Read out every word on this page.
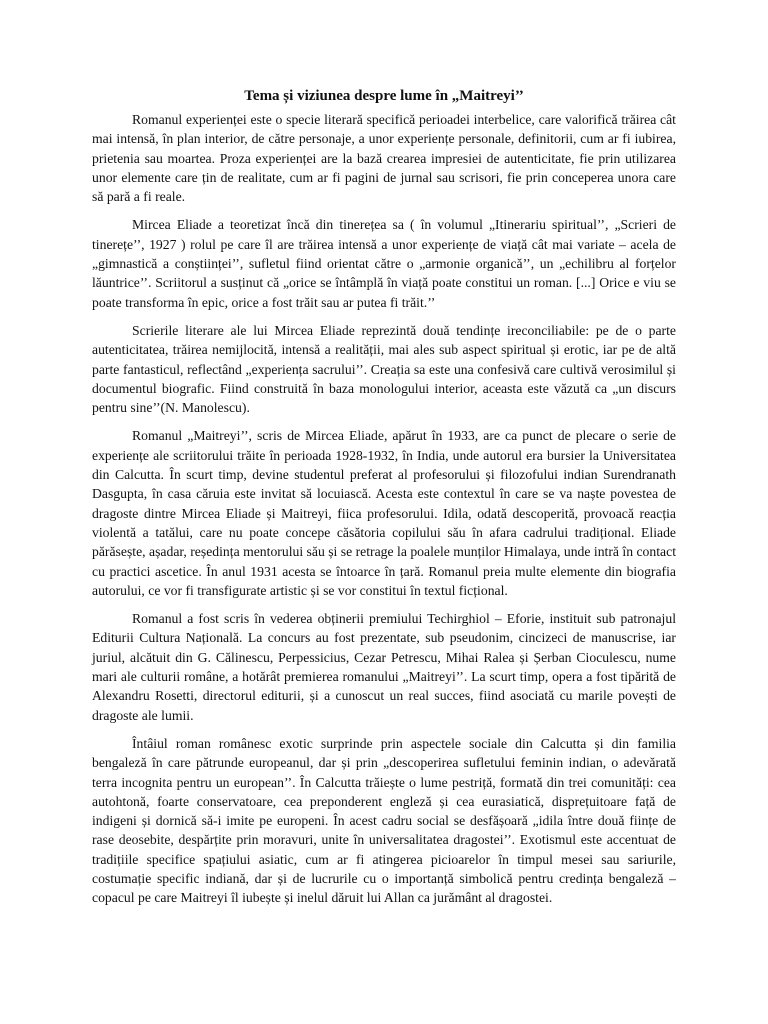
Tema și viziunea despre lume în „Maitreyi’’

Romanul experienței este o specie literară specifică perioadei interbelice, care valorifică trăirea cât mai intensă, în plan interior, de către personaje, a unor experiențe personale, definitorii, cum ar fi iubirea, prietenia sau moartea. Proza experienței are la bază crearea impresiei de autenticitate, fie prin utilizarea unor elemente care țin de realitate, cum ar fi pagini de jurnal sau scrisori, fie prin conceperea unora care să pară a fi reale.

Mircea Eliade a teoretizat încă din tinerețea sa ( în volumul „Itinerariu spiritual’’, „Scrieri de tinerețe’’, 1927 ) rolul pe care îl are trăirea intensă a unor experiențe de viață cât mai variate – acela de „gimnastică a conștiinței’’, sufletul fiind orientat către o „armonie organică’’, un „echilibru al forțelor lăuntrice’’. Scriitorul a susținut că „orice se întâmplă în viață poate constitui un roman. [...] Orice e viu se poate transforma în epic, orice a fost trăit sau ar putea fi trăit.’’

Scrierile literare ale lui Mircea Eliade reprezintă două tendințe ireconciliabile: pe de o parte autenticitatea, trăirea nemijlocită, intensă a realității, mai ales sub aspect spiritual și erotic, iar pe de altă parte fantasticul, reflectând „experiența sacrului’’. Creația sa este una confesivă care cultivă verosimilul și documentul biografic. Fiind construită în baza monologului interior, aceasta este văzută ca „un discurs pentru sine’’(N. Manolescu).

Romanul „Maitreyi’’, scris de Mircea Eliade, apărut în 1933, are ca punct de plecare o serie de experiențe ale scriitorului trăite în perioada 1928-1932, în India, unde autorul era bursier la Universitatea din Calcutta. În scurt timp, devine studentul preferat al profesorului și filozofului indian Surendranath Dasgupta, în casa căruia este invitat să locuiască. Acesta este contextul în care se va naște povestea de dragoste dintre Mircea Eliade și Maitreyi, fiica profesorului. Idila, odată descoperită, provoacă reacția violentă a tatălui, care nu poate concepe căsătoria copilului său în afara cadrului tradițional. Eliade părăsește, așadar, reședința mentorului său și se retrage la poalele munților Himalaya, unde intră în contact cu practici ascetice. În anul 1931 acesta se întoarce în țară. Romanul preia multe elemente din biografia autorului, ce vor fi transfigurate artistic și se vor constitui în textul ficțional.

Romanul a fost scris în vederea obținerii premiului Techirghiol – Eforie, instituit sub patronajul Editurii Cultura Națională. La concurs au fost prezentate, sub pseudonim, cincizeci de manuscrise, iar juriul, alcătuit din G. Călinescu, Perpessicius, Cezar Petrescu, Mihai Ralea și Șerban Cioculescu, nume mari ale culturii române, a hotărât premierea romanului „Maitreyi’’. La scurt timp, opera a fost tipărită de Alexandru Rosetti, directorul editurii, și a cunoscut un real succes, fiind asociată cu marile povești de dragoste ale lumii.

Întâiul roman românesc exotic surprinde prin aspectele sociale din Calcutta și din familia bengaleză în care pătrunde europeanul, dar și prin „descoperirea sufletului feminin indian, o adevărată terra incognita pentru un european’’. În Calcutta trăiește o lume pestriță, formată din trei comunități: cea autohtonă, foarte conservatoare, cea preponderent engleză și cea eurasiatică, disprețuitoare față de indigeni și dornică să-i imite pe europeni. În acest cadru social se desfășoară „idila între două ființe de rase deosebite, despărțite prin moravuri, unite în universalitatea dragostei’’. Exotismul este accentuat de tradițiile specifice spațiului asiatic, cum ar fi atingerea picioarelor în timpul mesei sau sariurile, costumație specific indiană, dar și de lucrurile cu o importanță simbolică pentru credința bengaleză – copacul pe care Maitreyi îl iubește și inelul dăruit lui Allan ca jurământ al dragostei.
